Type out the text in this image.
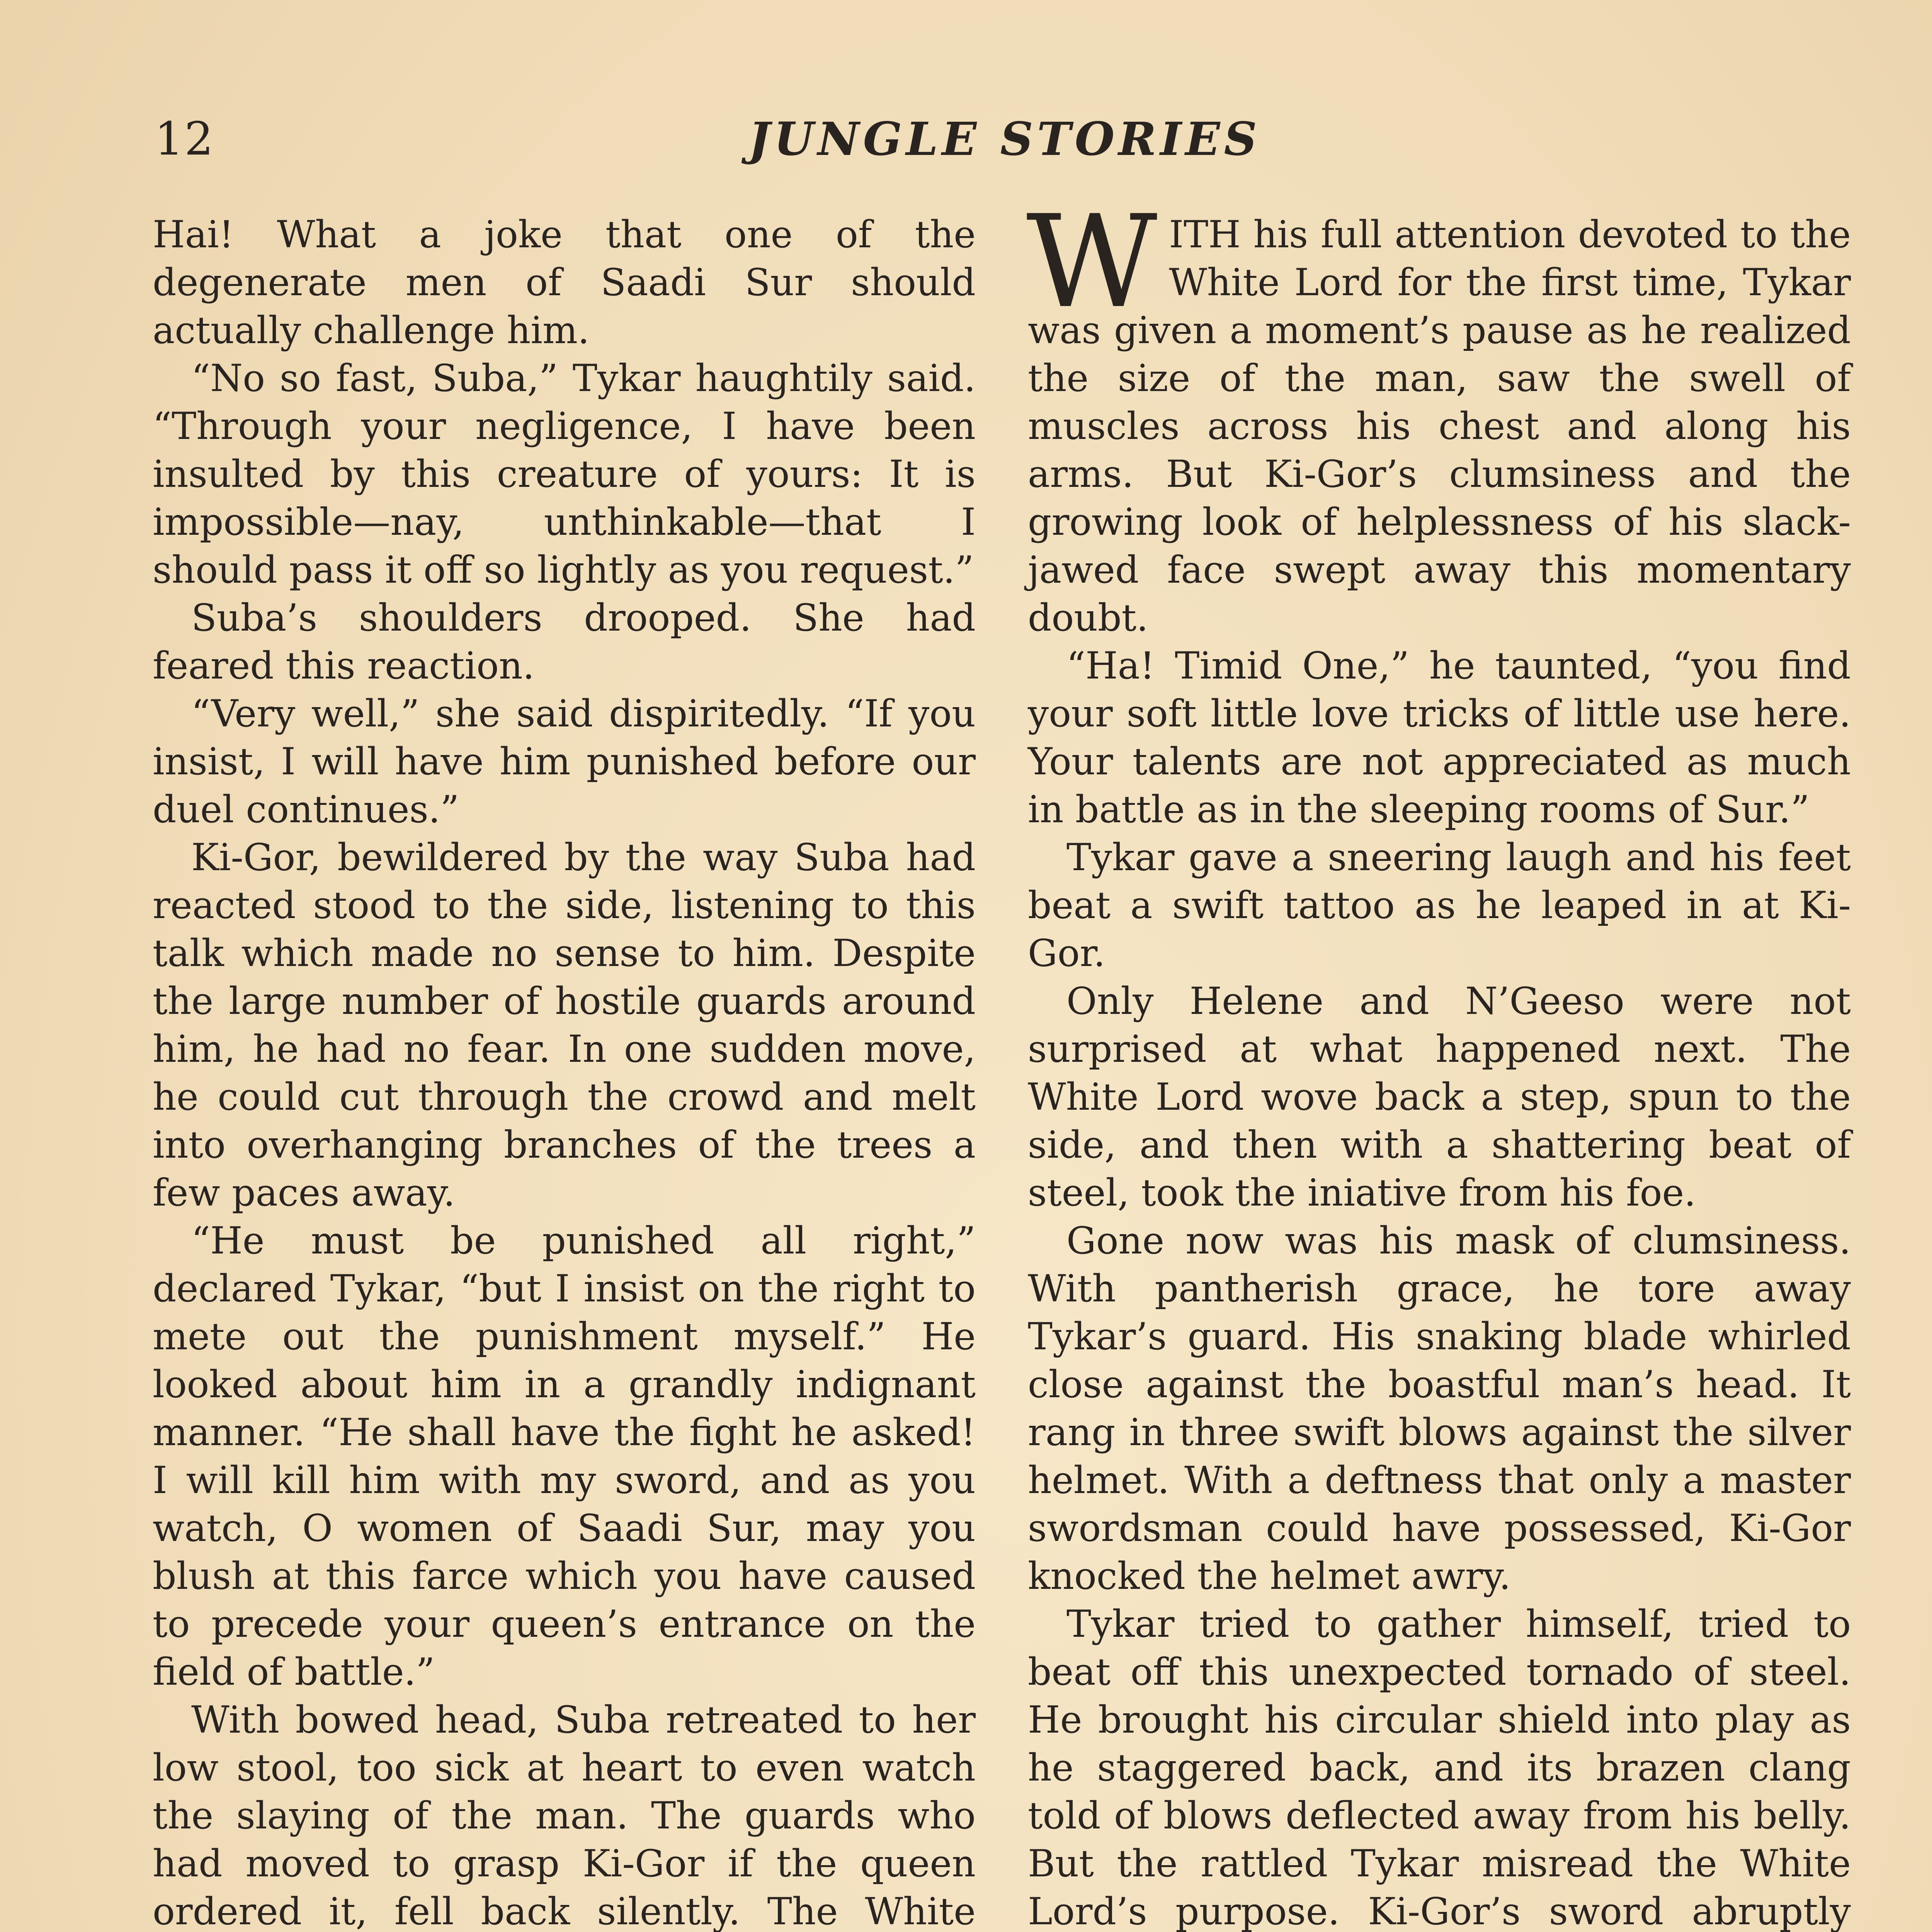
12	JUNGLE STORIES

Hai! What a joke that one of the degenerate men of Saadi Sur should actually challenge him.

“No so fast, Suba,” Tykar haughtily said. “Through your negligence, I have been insulted by this creature of yours: It is impossible—nay, unthinkable—that I should pass it off so lightly as you request.”

Suba’s shoulders drooped. She had feared this reaction.

“Very well,” she said dispiritedly. “If you insist, I will have him punished before our duel continues.”

Ki-Gor, bewildered by the way Suba had reacted stood to the side, listening to this talk which made no sense to him. Despite the large number of hostile guards around him, he had no fear. In one sudden move, he could cut through the crowd and melt into overhanging branches of the trees a few paces away.

“He must be punished all right,” declared Tykar, “but I insist on the right to mete out the punishment myself.” He looked about him in a grandly indignant manner. “He shall have the fight he asked! I will kill him with my sword, and as you watch, O women of Saadi Sur, may you blush at this farce which you have caused to precede your queen’s entrance on the field of battle.”

With bowed head, Suba retreated to her low stool, too sick at heart to even watch the slaying of the man. The guards who had moved to grasp Ki-Gor if the queen ordered it, fell back silently. The White

WITH his full attention devoted to the White Lord for the first time, Tykar was given a moment’s pause as he realized the size of the man, saw the swell of muscles across his chest and along his arms. But Ki-Gor’s clumsiness and the growing look of helplessness of his slack-jawed face swept away this momentary doubt.

“Ha! Timid One,” he taunted, “you find your soft little love tricks of little use here. Your talents are not appreciated as much in battle as in the sleeping rooms of Sur.”

Tykar gave a sneering laugh and his feet beat a swift tattoo as he leaped in at Ki-Gor.

Only Helene and N’Geeso were not surprised at what happened next. The White Lord wove back a step, spun to the side, and then with a shattering beat of steel, took the iniative from his foe.

Gone now was his mask of clumsiness. With pantherish grace, he tore away Tykar’s guard. His snaking blade whirled close against the boastful man’s head. It rang in three swift blows against the silver helmet. With a deftness that only a master swordsman could have possessed, Ki-Gor knocked the helmet awry.

Tykar tried to gather himself, tried to beat off this unexpected tornado of steel. He brought his circular shield into play as he staggered back, and its brazen clang told of blows deflected away from his belly. But the rattled Tykar misread the White Lord’s purpose. Ki-Gor’s sword abruptly
